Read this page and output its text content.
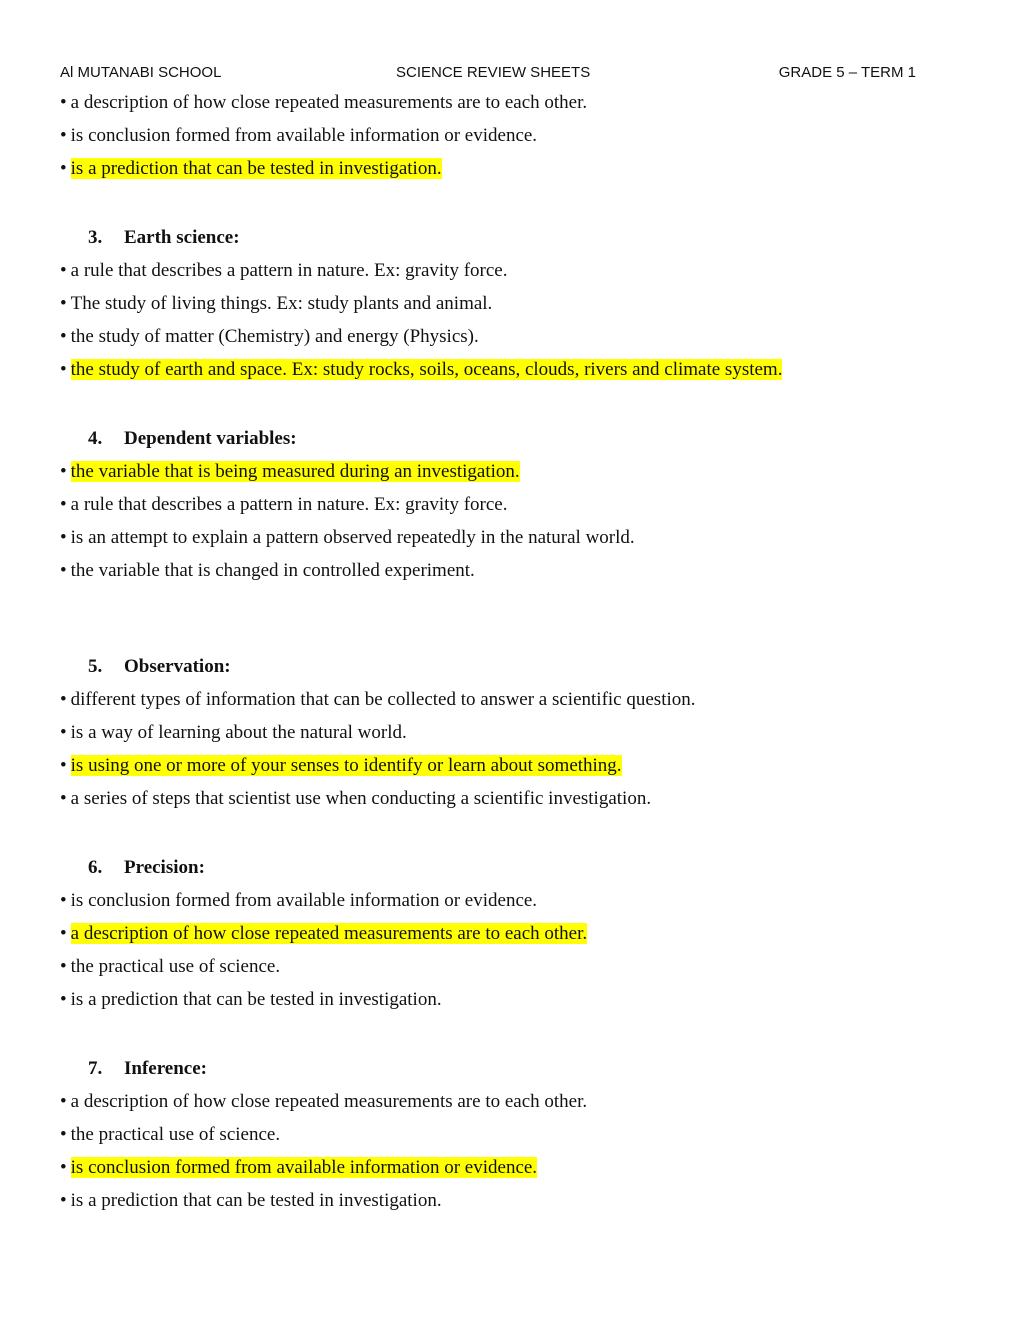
Al MUTANABI SCHOOL	SCIENCE REVIEW SHEETS	GRADE 5 – TERM 1
• a description of how close repeated measurements are to each other.
• is conclusion formed from available information or evidence.
• is a prediction that can be tested in investigation.
3. Earth science:
• a rule that describes a pattern in nature. Ex: gravity force.
• The study of living things. Ex: study plants and animal.
• the study of matter (Chemistry) and energy (Physics).
• the study of earth and space. Ex: study rocks, soils, oceans, clouds, rivers and climate system.
4. Dependent variables:
• the variable that is being measured during an investigation.
• a rule that describes a pattern in nature. Ex: gravity force.
• is an attempt to explain a pattern observed repeatedly in the natural world.
• the variable that is changed in controlled experiment.
5. Observation:
• different types of information that can be collected to answer a scientific question.
• is a way of learning about the natural world.
• is using one or more of your senses to identify or learn about something.
• a series of steps that scientist use when conducting a scientific investigation.
6. Precision:
• is conclusion formed from available information or evidence.
• a description of how close repeated measurements are to each other.
• the practical use of science.
• is a prediction that can be tested in investigation.
7. Inference:
• a description of how close repeated measurements are to each other.
• the practical use of science.
• is conclusion formed from available information or evidence.
• is a prediction that can be tested in investigation.
